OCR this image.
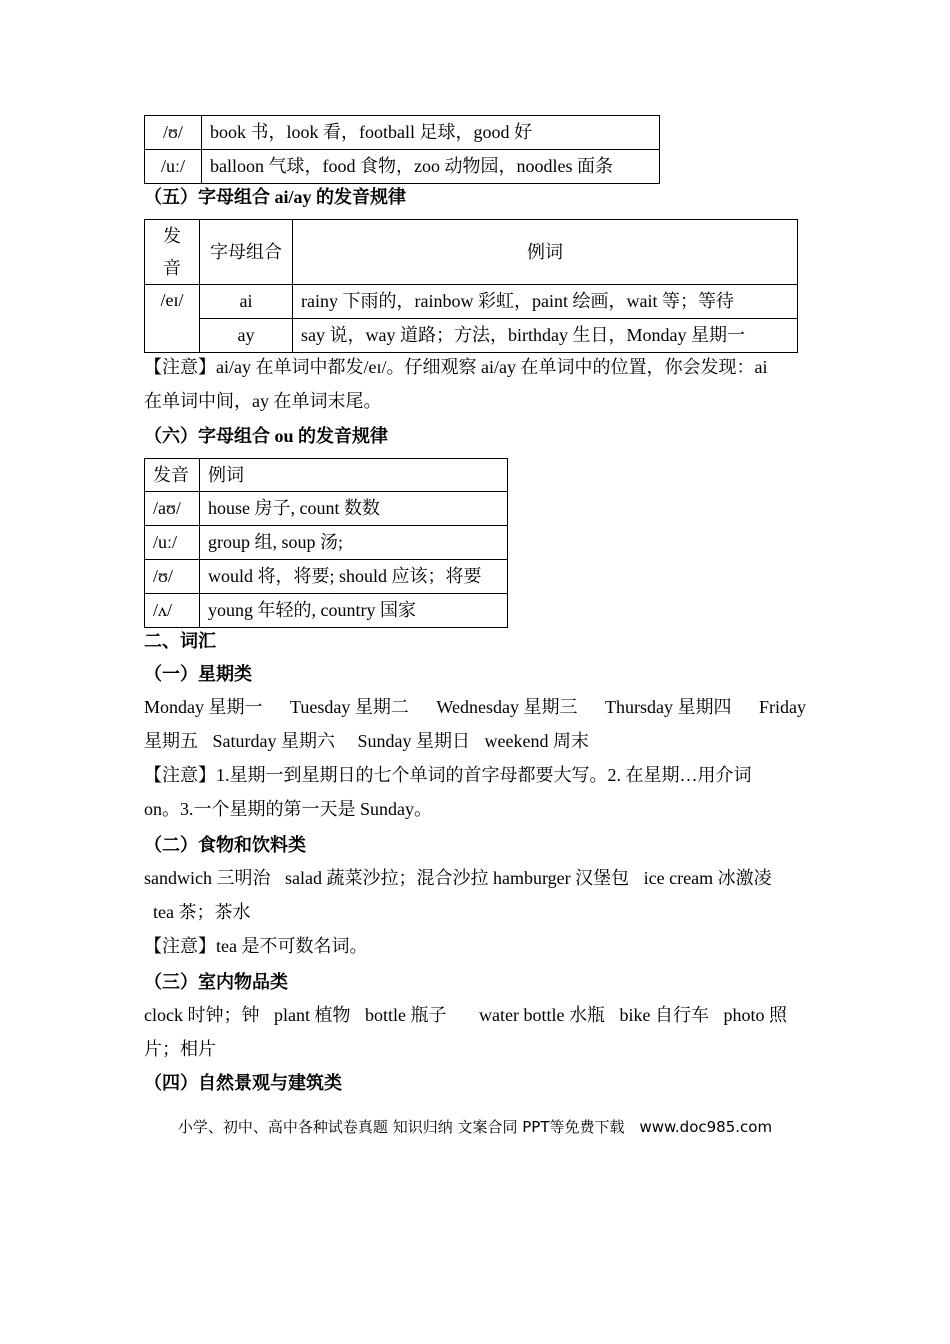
/ʊ/	book 书，look 看，football 足球，good 好
/uː/	balloon 气球，food 食物，zoo 动物园，noodles 面条
（五）字母组合 ai/ay 的发音规律
发
音	字母组合	例词
/eɪ/	ai	rainy 下雨的，rainbow 彩虹，paint 绘画，wait 等；等待
	ay	say 说，way 道路；方法，birthday 生日，Monday 星期一
【注意】ai/ay 在单词中都发/eɪ/。仔细观察 ai/ay 在单词中的位置，你会发现：ai
在单词中间，ay 在单词末尾。
（六）字母组合 ou 的发音规律
发音	例词
/aʊ/	house 房子, count 数数
/uː/	group 组, soup 汤;
/ʊ/	would 将，将要; should 应该；将要
/ʌ/	young 年轻的, country 国家
二、词汇
（一）星期类
Monday 星期一 Tuesday 星期二 Wednesday 星期三 Thursday 星期四 Friday
星期五 Saturday 星期六 Sunday 星期日 weekend 周末
【注意】1.星期一到星期日的七个单词的首字母都要大写。2. 在星期…用介词
on。3.一个星期的第一天是 Sunday。
（二）食物和饮料类
sandwich 三明治 salad 蔬菜沙拉；混合沙拉 hamburger 汉堡包 ice cream 冰激凌
tea 茶；茶水
【注意】tea 是不可数名词。
（三）室内物品类
clock 时钟；钟 plant 植物 bottle 瓶子 water bottle 水瓶 bike 自行车 photo 照
片；相片
（四）自然景观与建筑类
小学、初中、高中各种试卷真题 知识归纳 文案合同 PPT等免费下载　www.doc985.com
